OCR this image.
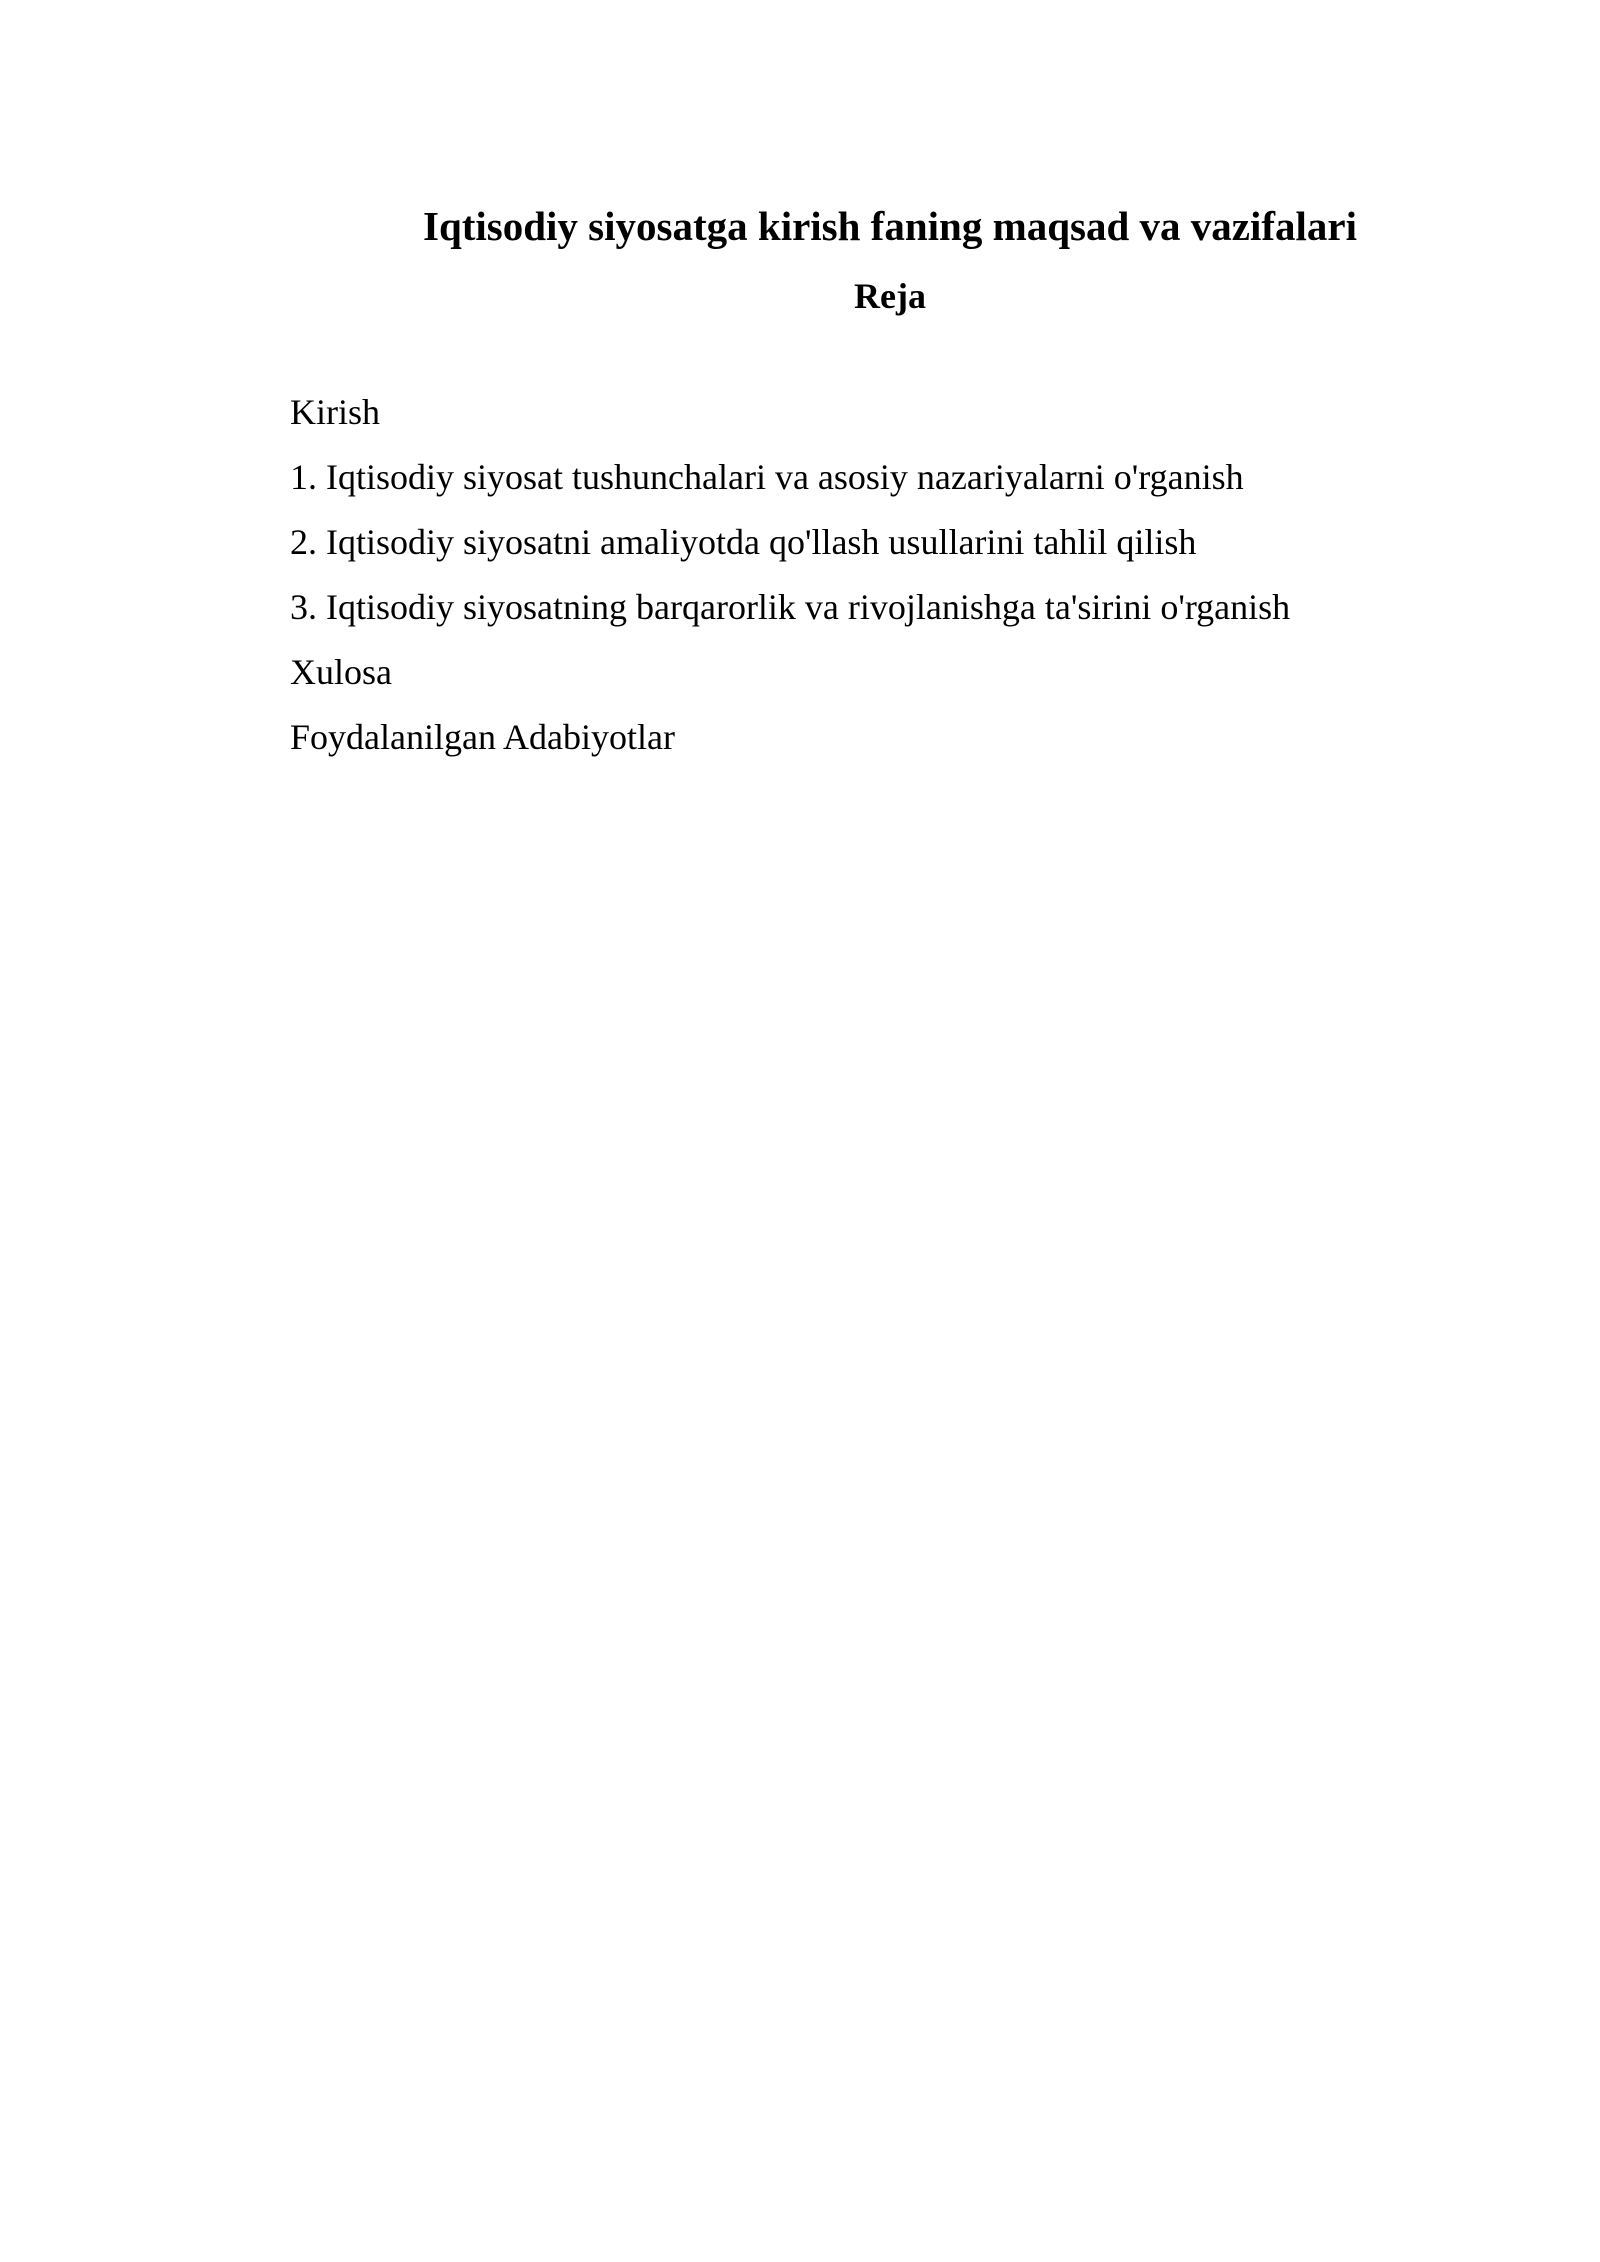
Iqtisodiy siyosatga kirish faning maqsad va vazifalari
Reja
Kirish
1. Iqtisodiy siyosat tushunchalari va asosiy nazariyalarni o'rganish
2. Iqtisodiy siyosatni amaliyotda qo'llash usullarini tahlil qilish
3. Iqtisodiy siyosatning barqarorlik va rivojlanishga ta'sirini o'rganish
Xulosa
Foydalanilgan Adabiyotlar
